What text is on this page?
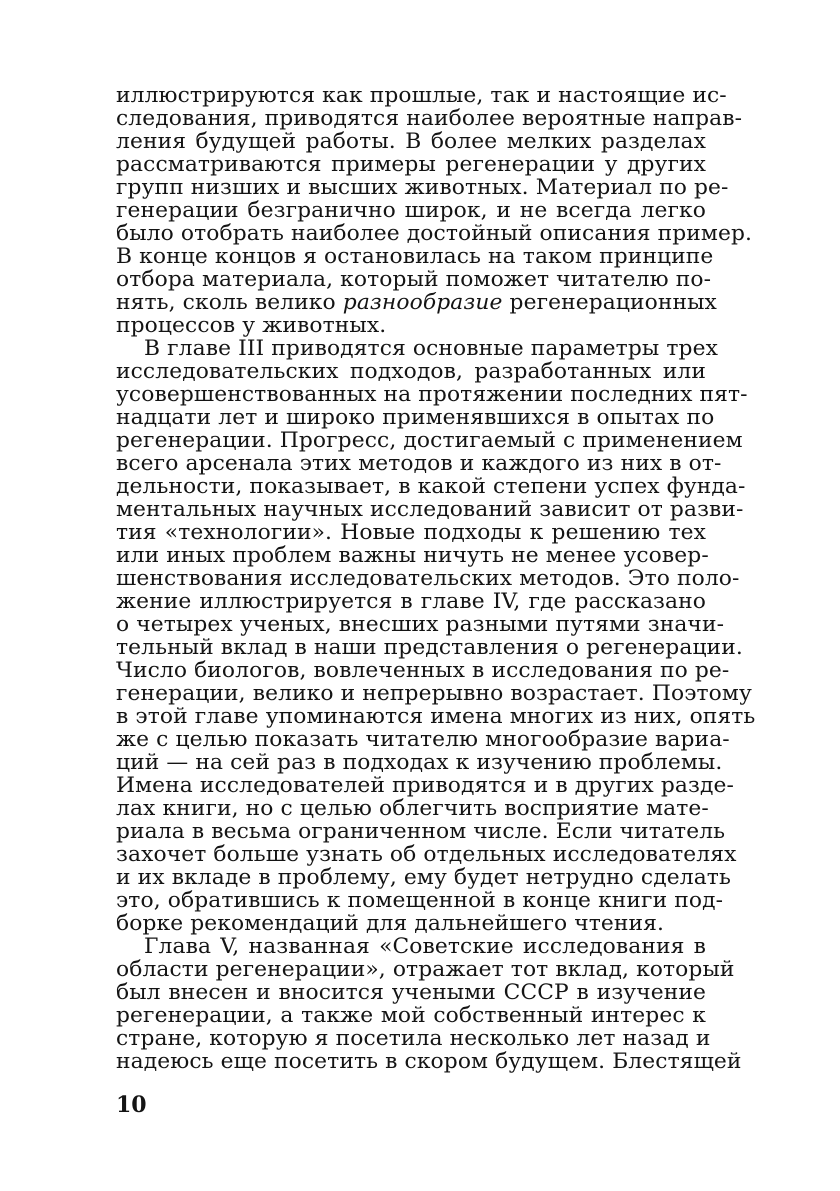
иллюстрируются как прошлые, так и настоящие ис-
следования, приводятся наиболее вероятные направ-
ления будущей работы. В более мелких разделах
рассматриваются примеры регенерации у других
групп низших и высших животных. Материал по ре-
генерации безгранично широк, и не всегда легко
было отобрать наиболее достойный описания пример.
В конце концов я остановилась на таком принципе
отбора материала, который поможет читателю по-
нять, сколь велико разнообразие регенерационных
процессов у животных.

В главе III приводятся основные параметры трех
исследовательских подходов, разработанных или
усовершенствованных на протяжении последних пят-
надцати лет и широко применявшихся в опытах по
регенерации. Прогресс, достигаемый с применением
всего арсенала этих методов и каждого из них в от-
дельности, показывает, в какой степени успех фунда-
ментальных научных исследований зависит от разви-
тия «технологии». Новые подходы к решению тех
или иных проблем важны ничуть не менее усовер-
шенствования исследовательских методов. Это поло-
жение иллюстрируется в главе IV, где рассказано
о четырех ученых, внесших разными путями значи-
тельный вклад в наши представления о регенерации.
Число биологов, вовлеченных в исследования по ре-
генерации, велико и непрерывно возрастает. Поэтому
в этой главе упоминаются имена многих из них, опять
же с целью показать читателю многообразие вариа-
ций — на сей раз в подходах к изучению проблемы.
Имена исследователей приводятся и в других разде-
лах книги, но с целью облегчить восприятие мате-
риала в весьма ограниченном числе. Если читатель
захочет больше узнать об отдельных исследователях
и их вкладе в проблему, ему будет нетрудно сделать
это, обратившись к помещенной в конце книги под-
борке рекомендаций для дальнейшего чтения.

Глава V, названная «Советские исследования в
области регенерации», отражает тот вклад, который
был внесен и вносится учеными СССР в изучение
регенерации, а также мой собственный интерес к
стране, которую я посетила несколько лет назад и
надеюсь еще посетить в скором будущем. Блестящей

10
